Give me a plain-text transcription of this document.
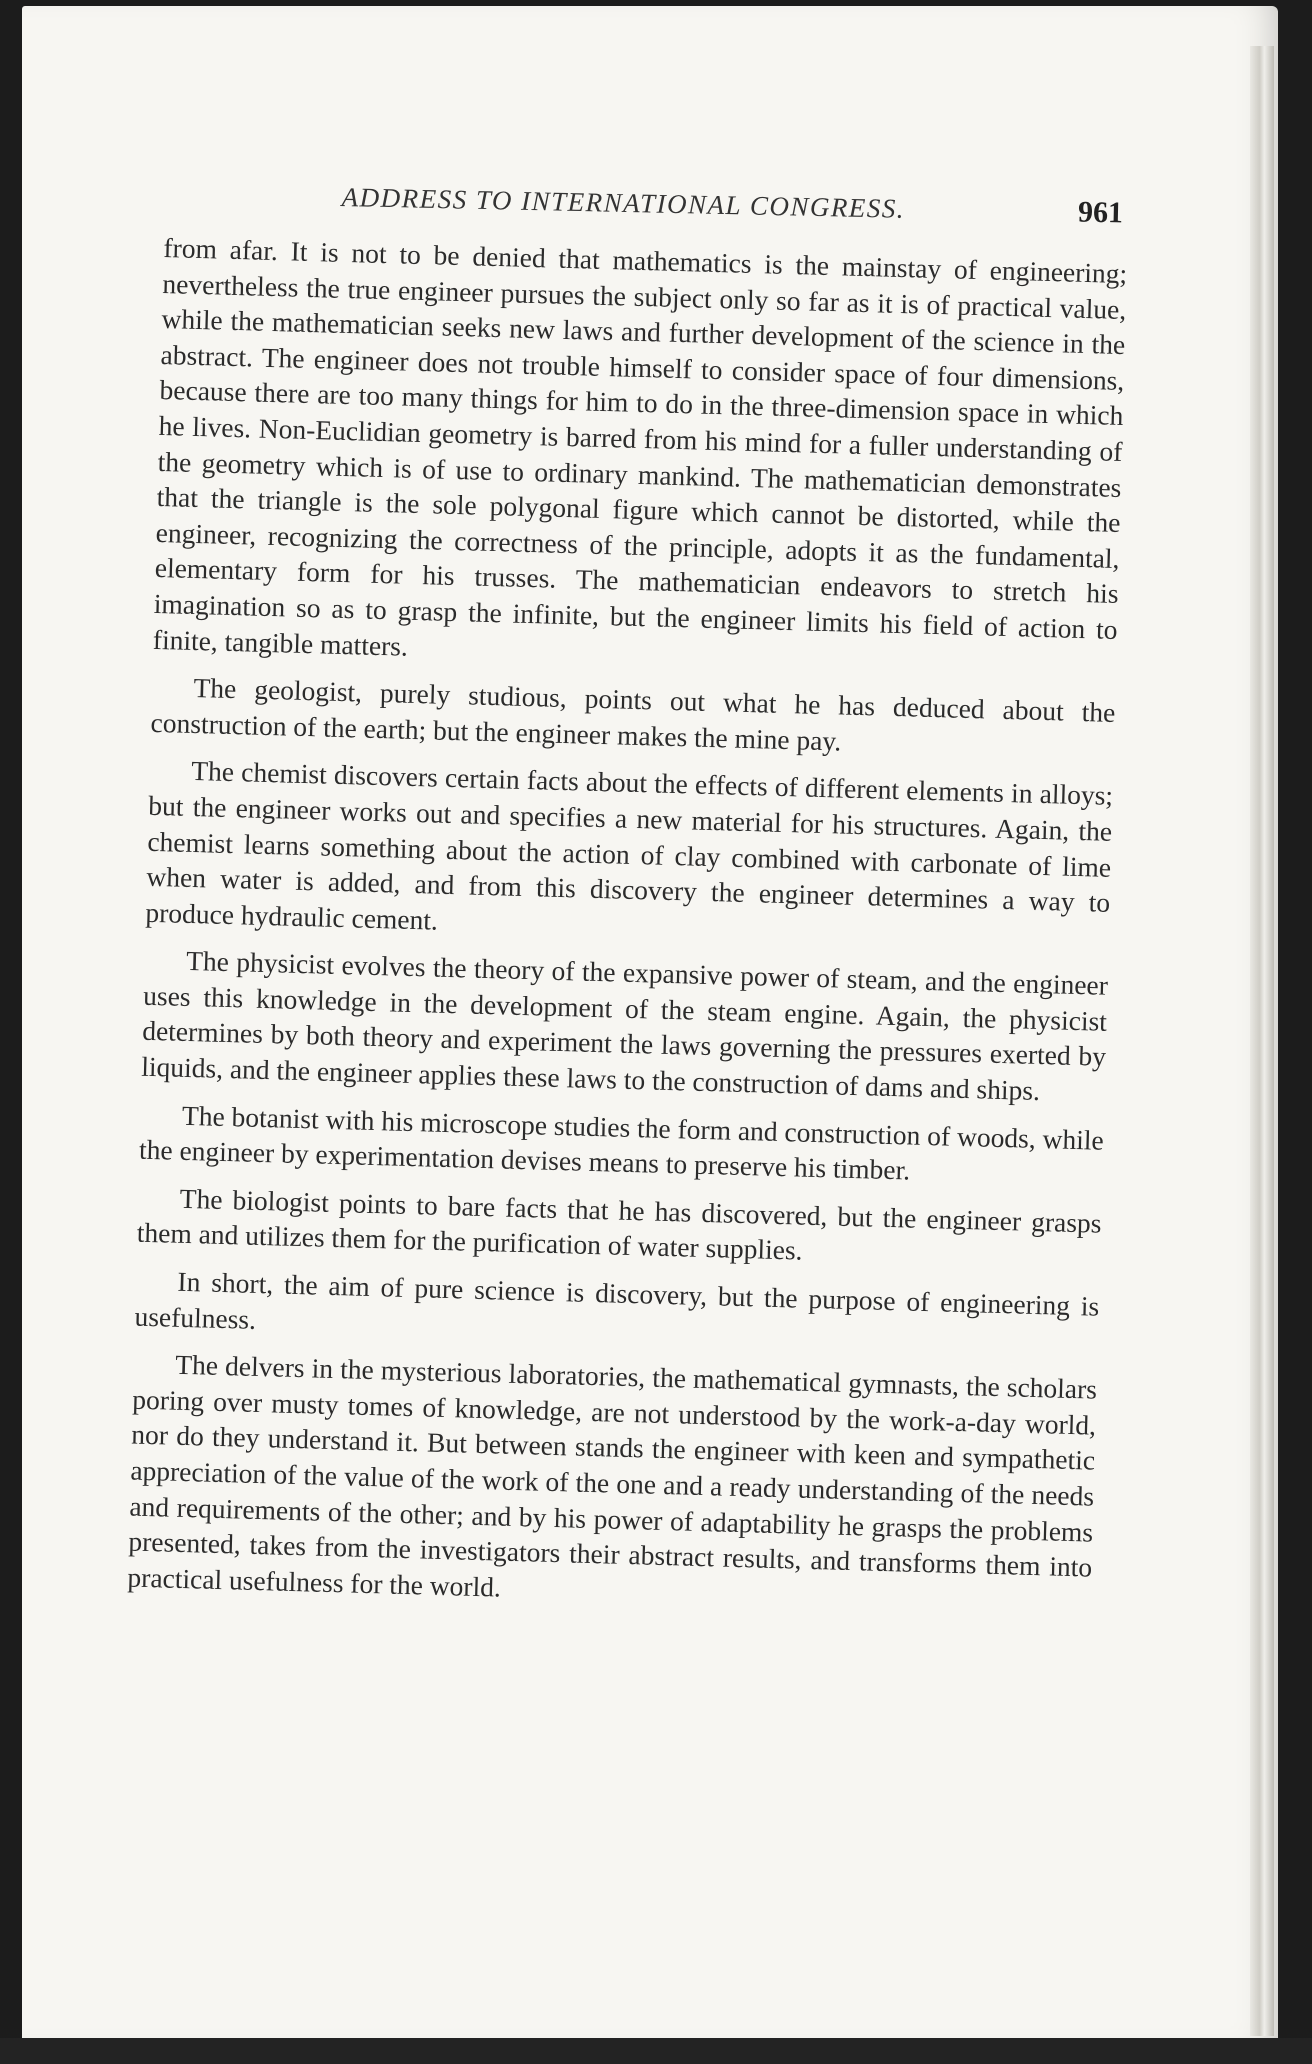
ADDRESS TO INTERNATIONAL CONGRESS.	961

from afar. It is not to be denied that mathematics is the mainstay of engineering; nevertheless the true engineer pursues the subject only so far as it is of practical value, while the mathematician seeks new laws and further development of the science in the abstract. The engineer does not trouble himself to consider space of four dimensions, because there are too many things for him to do in the three-dimension space in which he lives. Non-Euclidian geometry is barred from his mind for a fuller understanding of the geometry which is of use to ordinary mankind. The mathematician demonstrates that the triangle is the sole polygonal figure which cannot be distorted, while the engineer, recognizing the correctness of the principle, adopts it as the fundamental, elementary form for his trusses. The mathematician endeavors to stretch his imagination so as to grasp the infinite, but the engineer limits his field of action to finite, tangible matters.

The geologist, purely studious, points out what he has deduced about the construction of the earth; but the engineer makes the mine pay.

The chemist discovers certain facts about the effects of different elements in alloys; but the engineer works out and specifies a new material for his structures. Again, the chemist learns something about the action of clay combined with carbonate of lime when water is added, and from this discovery the engineer determines a way to produce hydraulic cement.

The physicist evolves the theory of the expansive power of steam, and the engineer uses this knowledge in the development of the steam engine. Again, the physicist determines by both theory and experiment the laws governing the pressures exerted by liquids, and the engineer applies these laws to the construction of dams and ships.

The botanist with his microscope studies the form and construction of woods, while the engineer by experimentation devises means to preserve his timber.

The biologist points to bare facts that he has discovered, but the engineer grasps them and utilizes them for the purification of water supplies.

In short, the aim of pure science is discovery, but the purpose of engineering is usefulness.

The delvers in the mysterious laboratories, the mathematical gymnasts, the scholars poring over musty tomes of knowledge, are not understood by the work-a-day world, nor do they understand it. But between stands the engineer with keen and sympathetic appreciation of the value of the work of the one and a ready understanding of the needs and requirements of the other; and by his power of adaptability he grasps the problems presented, takes from the investigators their abstract results, and transforms them into practical usefulness for the world.
